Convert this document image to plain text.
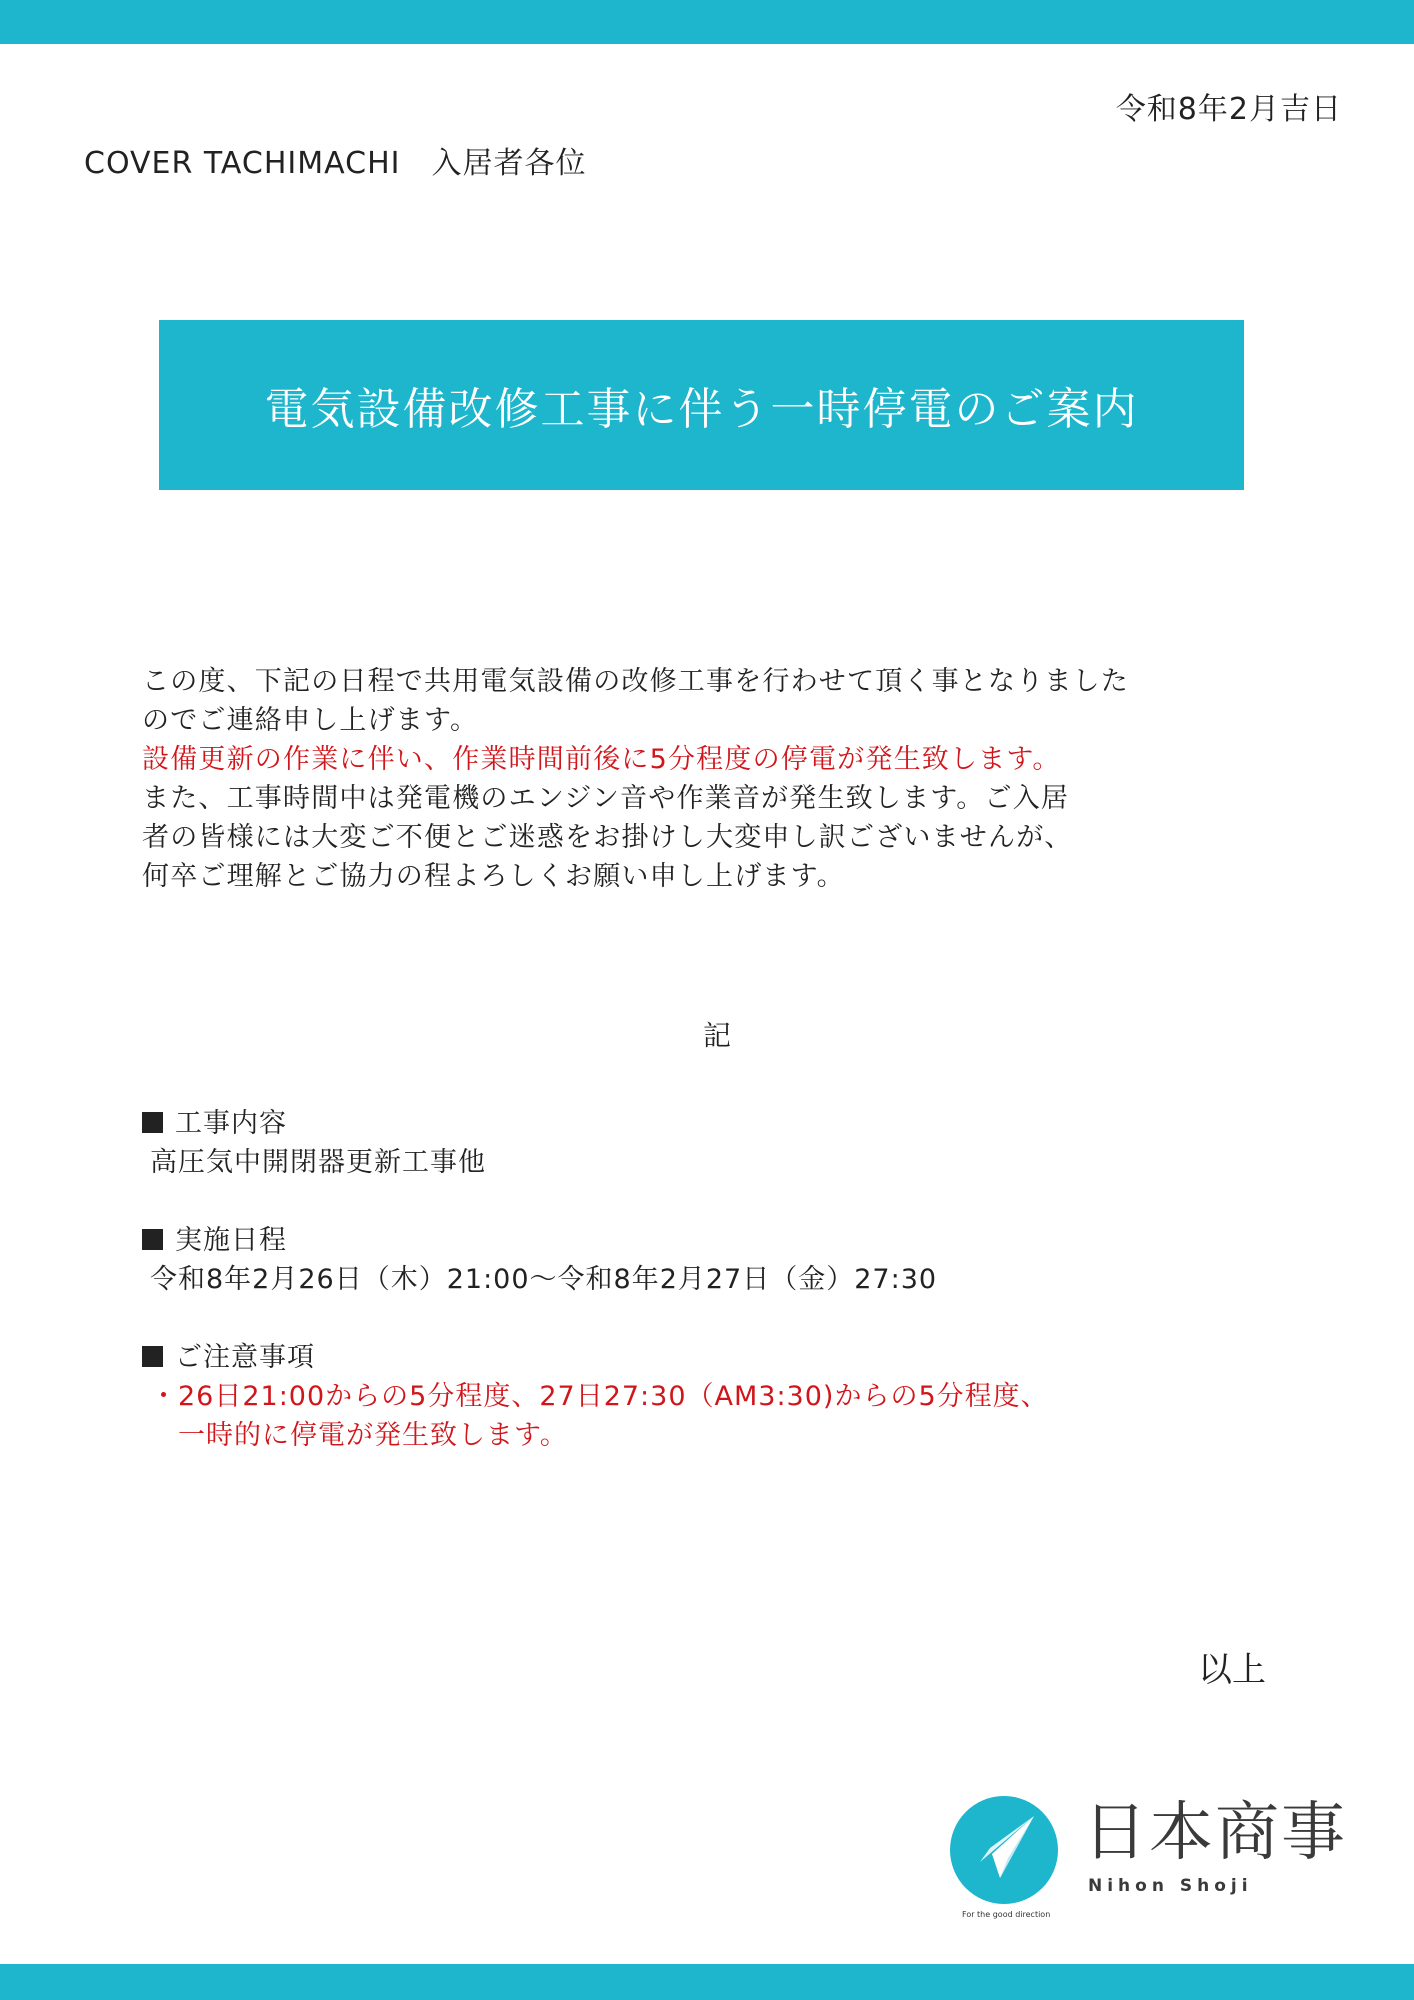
令和8年2月吉日
COVER TACHIMACHI　入居者各位
電気設備改修工事に伴う一時停電のご案内
この度、下記の日程で共用電気設備の改修工事を行わせて頂く事となりました
のでご連絡申し上げます。
設備更新の作業に伴い、作業時間前後に5分程度の停電が発生致します。
また、工事時間中は発電機のエンジン音や作業音が発生致します。ご入居
者の皆様には大変ご不便とご迷惑をお掛けし大変申し訳ございませんが、
何卒ご理解とご協力の程よろしくお願い申し上げます。
記
工事内容
高圧気中開閉器更新工事他
実施日程
令和8年2月26日（木）21:00〜令和8年2月27日（金）27:30
ご注意事項
・26日21:00からの5分程度、27日27:30（AM3:30)からの5分程度、
　一時的に停電が発生致します。
以上
For the good direction
日本商事
Nihon Shoji
